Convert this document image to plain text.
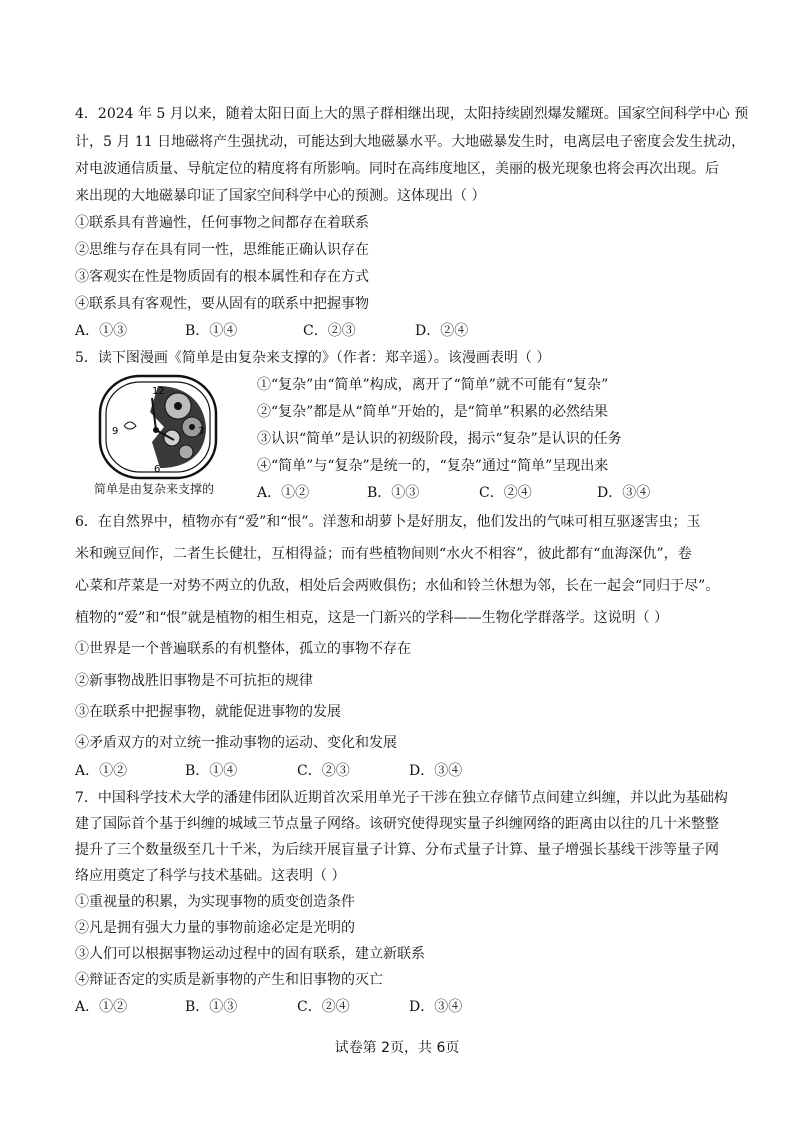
4．2024 年 5 月以来，随着太阳日面上大的黑子群相继出现，太阳持续剧烈爆发耀斑。国家空间科学中心 预
计，5 月 11 日地磁将产生强扰动，可能达到大地磁暴水平。大地磁暴发生时，电离层电子密度会发生扰动，
对电波通信质量、导航定位的精度将有所影响。同时在高纬度地区，美丽的极光现象也将会再次出现。后
来出现的大地磁暴印证了国家空间科学中心的预测。这体现出（ ）
①联系具有普遍性，任何事物之间都存在着联系
②思维与存在具有同一性，思维能正确认识存在
③客观实在性是物质固有的根本属性和存在方式
④联系具有客观性，要从固有的联系中把握事物
A．①③	B．①④	C．②③	D．②④
5．读下图漫画《简单是由复杂来支撑的》（作者：郑辛遥）。该漫画表明（ ）
12
3
6
9
简单是由复杂来支撑的
①“复杂”由“简单”构成，离开了“简单”就不可能有“复杂”
②“复杂”都是从“简单”开始的，是“简单”积累的必然结果
③认识“简单”是认识的初级阶段，揭示“复杂”是认识的任务
④“简单”与“复杂”是统一的，“复杂”通过“简单”呈现出来
A．①②	B．①③	C．②④	D．③④
6．在自然界中，植物亦有“爱”和“恨”。洋葱和胡萝卜是好朋友，他们发出的气味可相互驱逐害虫；玉
米和豌豆间作，二者生长健壮，互相得益；而有些植物间则“水火不相容”，彼此都有“血海深仇”，卷
心菜和芹菜是一对势不两立的仇敌，相处后会两败俱伤；水仙和铃兰休想为邻，长在一起会“同归于尽”。
植物的“爱”和“恨”就是植物的相生相克，这是一门新兴的学科——生物化学群落学。这说明（ ）
①世界是一个普遍联系的有机整体，孤立的事物不存在
②新事物战胜旧事物是不可抗拒的规律
③在联系中把握事物，就能促进事物的发展
④矛盾双方的对立统一推动事物的运动、变化和发展
A．①②	B．①④	C．②③	D．③④
7．中国科学技术大学的潘建伟团队近期首次采用单光子干涉在独立存储节点间建立纠缠，并以此为基础构
建了国际首个基于纠缠的城域三节点量子网络。该研究使得现实量子纠缠网络的距离由以往的几十米整整
提升了三个数量级至几十千米，为后续开展盲量子计算、分布式量子计算、量子增强长基线干涉等量子网
络应用奠定了科学与技术基础。这表明（ ）
①重视量的积累，为实现事物的质变创造条件
②凡是拥有强大力量的事物前途必定是光明的
③人们可以根据事物运动过程中的固有联系，建立新联系
④辩证否定的实质是新事物的产生和旧事物的灭亡
A．①②	B．①③	C．②④	D．③④
试卷第 2页，共 6页
